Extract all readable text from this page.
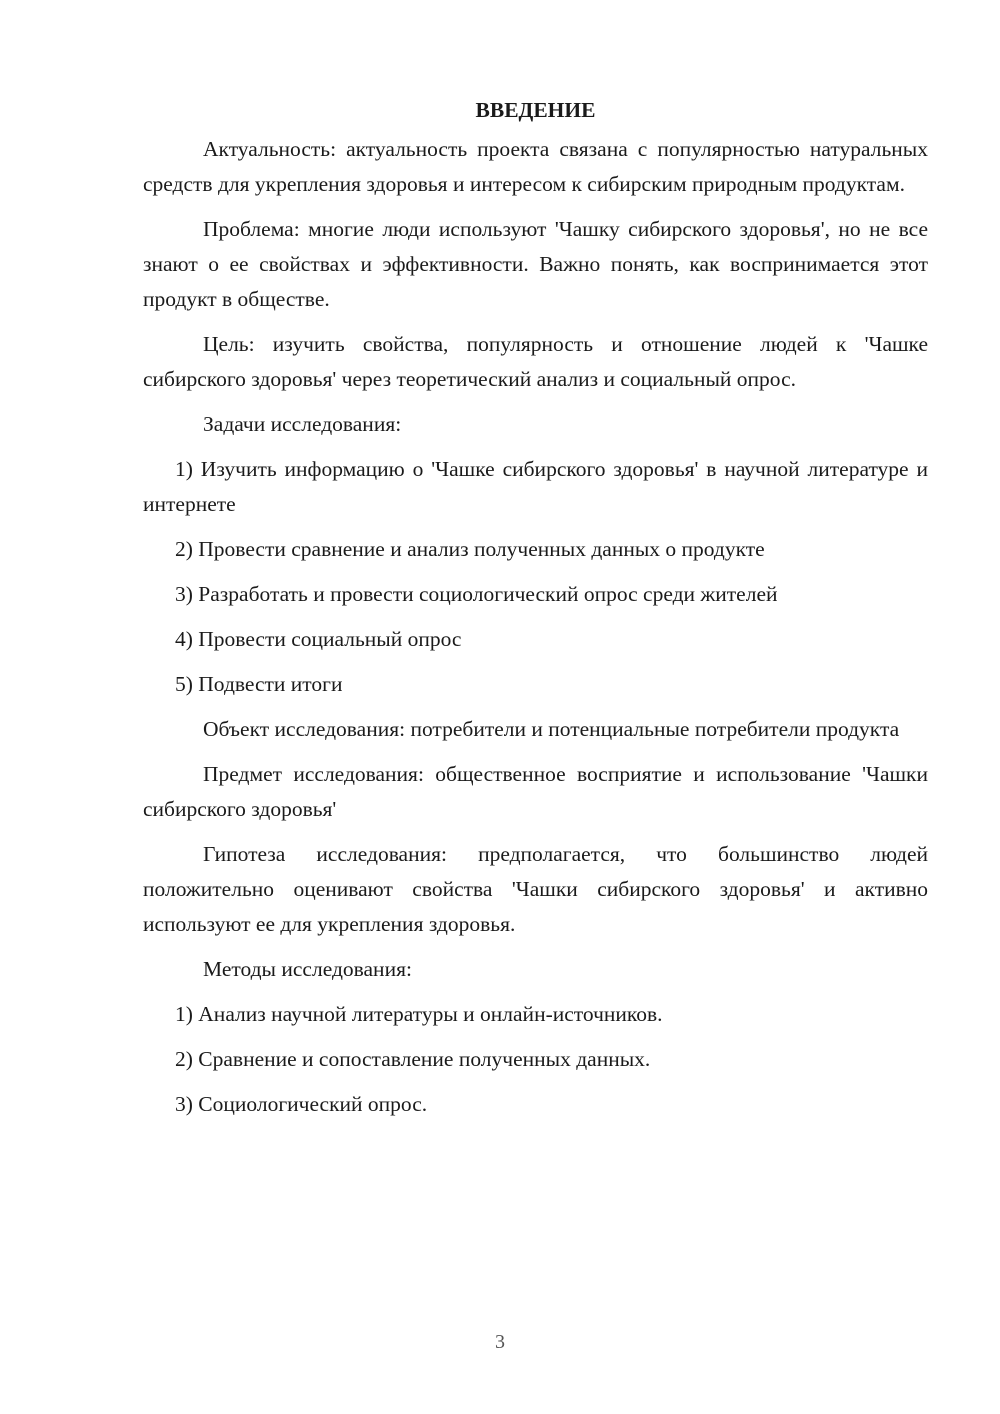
ВВЕДЕНИЕ

Актуальность: актуальность проекта связана с популярностью натуральных средств для укрепления здоровья и интересом к сибирским природным продуктам.

Проблема: многие люди используют 'Чашку сибирского здоровья', но не все знают о ее свойствах и эффективности. Важно понять, как воспринимается этот продукт в обществе.

Цель: изучить свойства, популярность и отношение людей к 'Чашке сибирского здоровья' через теоретический анализ и социальный опрос.

Задачи исследования:

1) Изучить информацию о 'Чашке сибирского здоровья' в научной литературе и интернете

2) Провести сравнение и анализ полученных данных о продукте

3) Разработать и провести социологический опрос среди жителей

4) Провести социальный опрос

5) Подвести итоги

Объект исследования: потребители и потенциальные потребители продукта

Предмет исследования: общественное восприятие и использование 'Чашки сибирского здоровья'

Гипотеза исследования: предполагается, что большинство людей положительно оценивают свойства 'Чашки сибирского здоровья' и активно используют ее для укрепления здоровья.

Методы исследования:

1) Анализ научной литературы и онлайн-источников.

2) Сравнение и сопоставление полученных данных.

3) Социологический опрос.

3
